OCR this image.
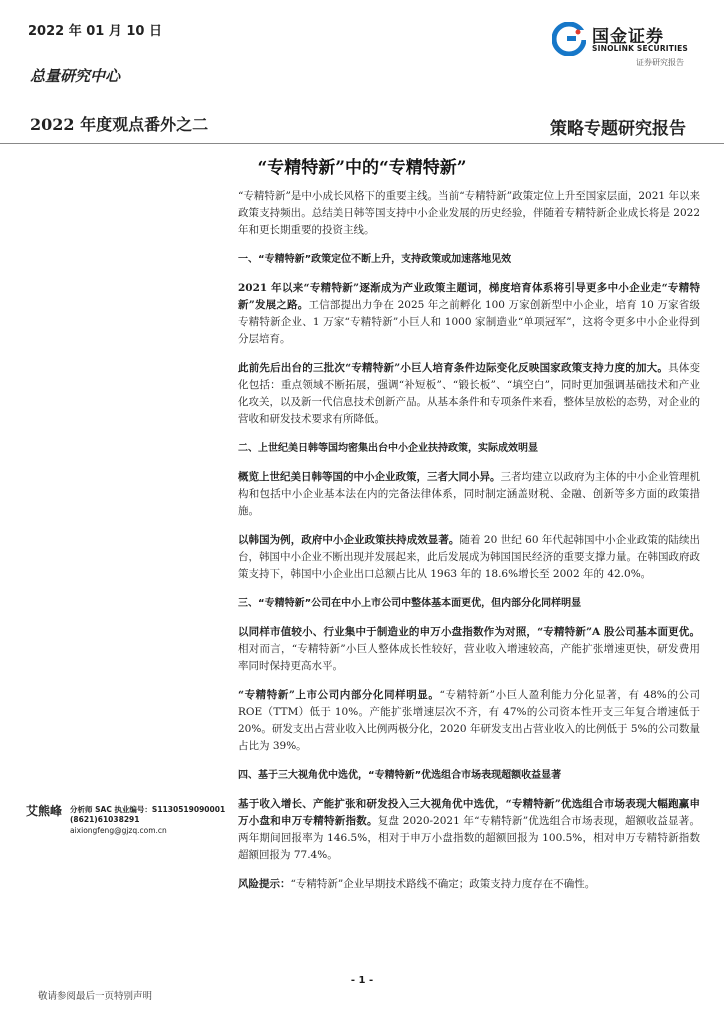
2022 年 01 月 10 日	国金证券
SINOLINK SECURITIES
证券研究报告
总量研究中心
2022 年度观点番外之二	策略专题研究报告
“专精特新”中的“专精特新”

“专精特新”是中小成长风格下的重要主线。当前“专精特新”政策定位上升至国家层面，2021 年以来政策支持频出。总结美日韩等国支持中小企业发展的历史经验，伴随着专精特新企业成长将是 2022 年和更长期重要的投资主线。

一、“专精特新”政策定位不断上升，支持政策或加速落地见效

2021 年以来“专精特新”逐渐成为产业政策主题词，梯度培育体系将引导更多中小企业走“专精特新”发展之路。工信部提出力争在 2025 年之前孵化 100 万家创新型中小企业，培育 10 万家省级专精特新企业、1 万家“专精特新”小巨人和 1000 家制造业“单项冠军”，这将令更多中小企业得到分层培育。

此前先后出台的三批次“专精特新”小巨人培育条件边际变化反映国家政策支持力度的加大。具体变化包括：重点领域不断拓展，强调“补短板”、“锻长板”、“填空白”，同时更加强调基础技术和产业化攻关，以及新一代信息技术创新产品。从基本条件和专项条件来看，整体呈放松的态势，对企业的营收和研发技术要求有所降低。

二、上世纪美日韩等国均密集出台中小企业扶持政策，实际成效明显

概览上世纪美日韩等国的中小企业政策，三者大同小异。三者均建立以政府为主体的中小企业管理机构和包括中小企业基本法在内的完备法律体系，同时制定涵盖财税、金融、创新等多方面的政策措施。

以韩国为例，政府中小企业政策扶持成效显著。随着 20 世纪 60 年代起韩国中小企业政策的陆续出台，韩国中小企业不断出现并发展起来，此后发展成为韩国国民经济的重要支撑力量。在韩国政府政策支持下，韩国中小企业出口总额占比从 1963 年的 18.6%增长至 2002 年的 42.0%。

三、“专精特新”公司在中小上市公司中整体基本面更优，但内部分化同样明显

以同样市值较小、行业集中于制造业的申万小盘指数作为对照，“专精特新”A 股公司基本面更优。相对而言，“专精特新”小巨人整体成长性较好，营业收入增速较高，产能扩张增速更快，研发费用率同时保持更高水平。

“专精特新”上市公司内部分化同样明显。“专精特新”小巨人盈利能力分化显著，有 48%的公司 ROE（TTM）低于 10%。产能扩张增速层次不齐，有 47%的公司资本性开支三年复合增速低于 20%。研发支出占营业收入比例两极分化，2020 年研发支出占营业收入的比例低于 5%的公司数量占比为 39%。

四、基于三大视角优中选优，“专精特新”优选组合市场表现超额收益显著

基于收入增长、产能扩张和研发投入三大视角优中选优，“专精特新”优选组合市场表现大幅跑赢申万小盘和申万专精特新指数。复盘 2020-2021 年“专精特新”优选组合市场表现，超额收益显著。两年期间回报率为 146.5%，相对于申万小盘指数的超额回报为 100.5%，相对申万专精特新指数超额回报为 77.4%。

风险提示：“专精特新”企业早期技术路线不确定；政策支持力度存在不确性。

艾熊峰 分析师 SAC 执业编号：S1130519090001
(8621)61038291
aixiongfeng@gjzq.com.cn
- 1 -
敬请参阅最后一页特别声明
